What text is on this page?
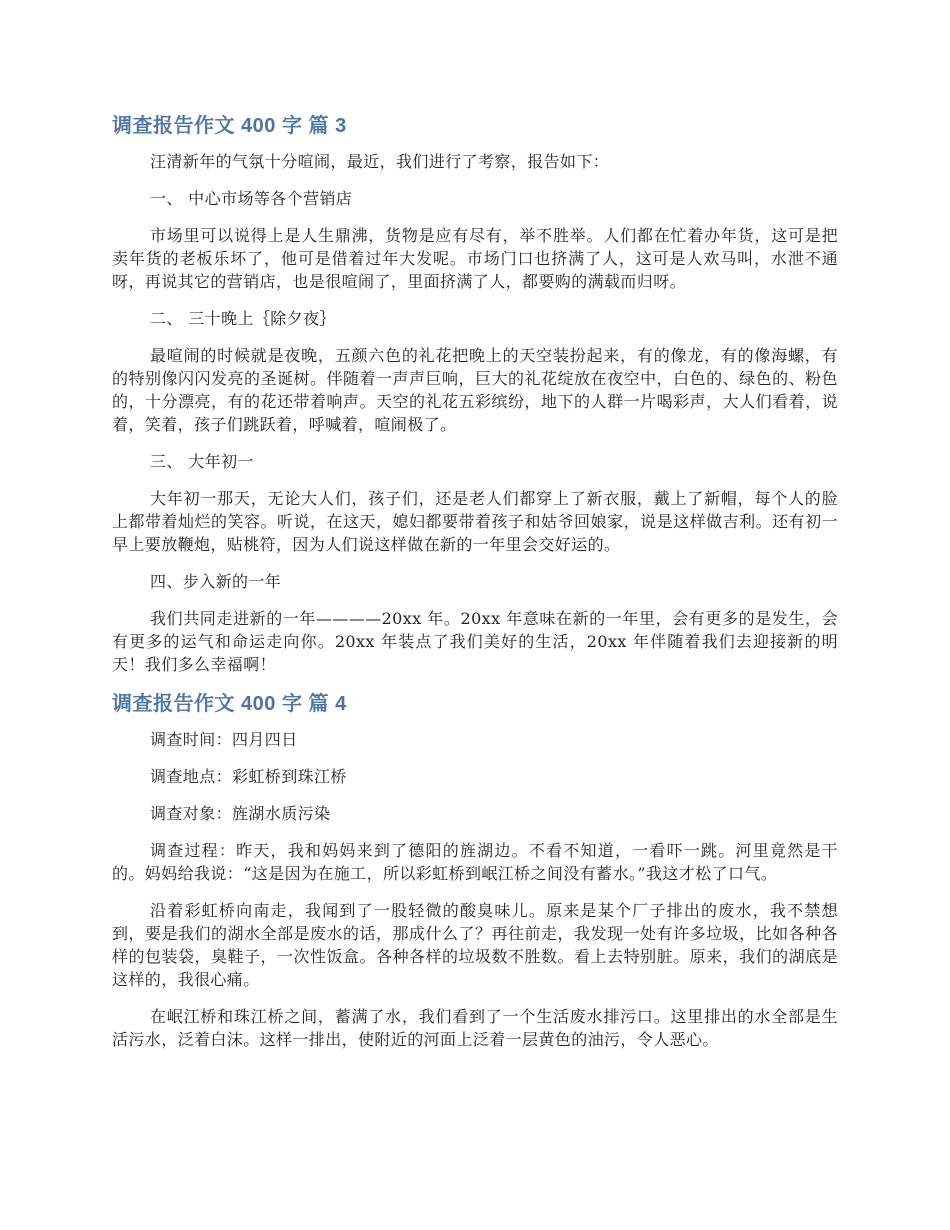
调查报告作文 400 字 篇 3

汪清新年的气氛十分喧闹，最近，我们进行了考察，报告如下：

一、 中心市场等各个营销店

市场里可以说得上是人生鼎沸，货物是应有尽有，举不胜举。人们都在忙着办年货，这可是把卖年货的老板乐坏了，他可是借着过年大发呢。市场门口也挤满了人，这可是人欢马叫，水泄不通呀，再说其它的营销店，也是很喧闹了，里面挤满了人，都要购的满载而归呀。

二、 三十晚上｛除夕夜｝

最喧闹的时候就是夜晚，五颜六色的礼花把晚上的天空装扮起来，有的像龙，有的像海螺，有的特别像闪闪发亮的圣诞树。伴随着一声声巨响，巨大的礼花绽放在夜空中，白色的、绿色的、粉色的，十分漂亮，有的花还带着响声。天空的礼花五彩缤纷，地下的人群一片喝彩声，大人们看着，说着，笑着，孩子们跳跃着，呼喊着，喧闹极了。

三、 大年初一

大年初一那天，无论大人们，孩子们，还是老人们都穿上了新衣服，戴上了新帽，每个人的脸上都带着灿烂的笑容。听说，在这天，媳妇都要带着孩子和姑爷回娘家，说是这样做吉利。还有初一早上要放鞭炮，贴桃符，因为人们说这样做在新的一年里会交好运的。

四、步入新的一年

我们共同走进新的一年————20xx 年。20xx 年意味在新的一年里，会有更多的是发生，会有更多的运气和命运走向你。20xx 年装点了我们美好的生活，20xx 年伴随着我们去迎接新的明天！我们多么幸福啊！

调查报告作文 400 字 篇 4

调查时间：四月四日

调查地点：彩虹桥到珠江桥

调查对象：旌湖水质污染

调查过程：昨天，我和妈妈来到了德阳的旌湖边。不看不知道，一看吓一跳。河里竟然是干的。妈妈给我说：“这是因为在施工，所以彩虹桥到岷江桥之间没有蓄水。”我这才松了口气。

沿着彩虹桥向南走，我闻到了一股轻微的酸臭味儿。原来是某个厂子排出的废水，我不禁想到，要是我们的湖水全部是废水的话，那成什么了？再往前走，我发现一处有许多垃圾，比如各种各样的包装袋，臭鞋子，一次性饭盒。各种各样的垃圾数不胜数。看上去特别脏。原来，我们的湖底是这样的，我很心痛。

在岷江桥和珠江桥之间，蓄满了水，我们看到了一个生活废水排污口。这里排出的水全部是生活污水，泛着白沫。这样一排出，使附近的河面上泛着一层黄色的油污，令人恶心。
